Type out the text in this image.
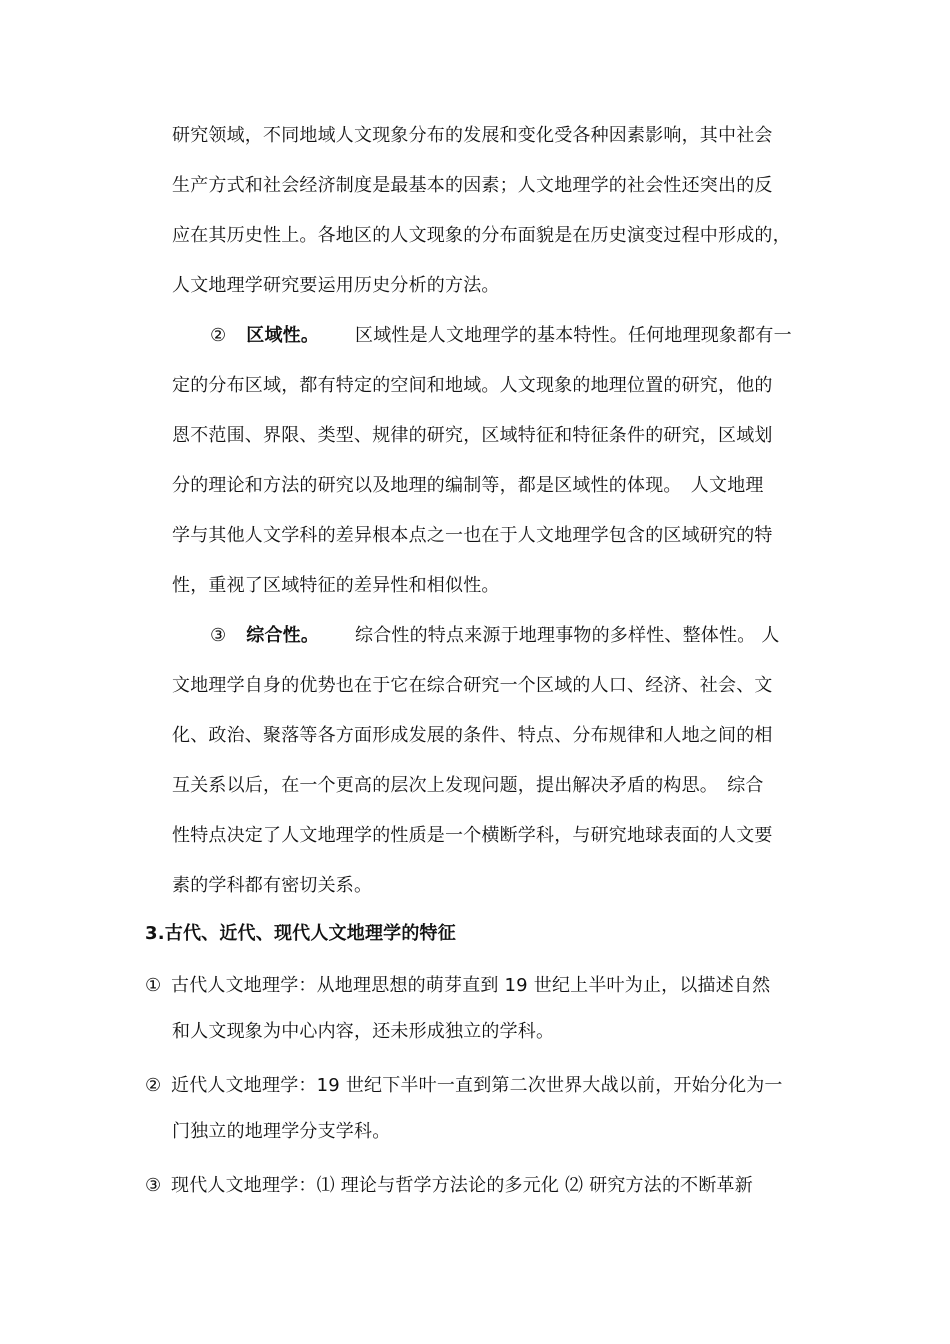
研究领域，不同地域人文现象分布的发展和变化受各种因素影响，其中社会
生产方式和社会经济制度是最基本的因素；人文地理学的社会性还突出的反
应在其历史性上。各地区的人文现象的分布面貌是在历史演变过程中形成的，
人文地理学研究要运用历史分析的方法。
② 区域性。 区域性是人文地理学的基本特性。任何地理现象都有一
定的分布区域，都有特定的空间和地域。人文现象的地理位置的研究，他的
恩不范围、界限、类型、规律的研究，区域特征和特征条件的研究，区域划
分的理论和方法的研究以及地理的编制等，都是区域性的体现。　人文地理
学与其他人文学科的差异根本点之一也在于人文地理学包含的区域研究的特
性，重视了区域特征的差异性和相似性。
③ 综合性。 综合性的特点来源于地理事物的多样性、整体性。 人
文地理学自身的优势也在于它在综合研究一个区域的人口、经济、社会、文
化、政治、聚落等各方面形成发展的条件、特点、分布规律和人地之间的相
互关系以后，在一个更高的层次上发现问题，提出解决矛盾的构思。　综合
性特点决定了人文地理学的性质是一个横断学科，与研究地球表面的人文要
素的学科都有密切关系。
3.古代、近代、现代人文地理学的特征
① 古代人文地理学：从地理思想的萌芽直到 19 世纪上半叶为止，以描述自然
和人文现象为中心内容，还未形成独立的学科。
② 近代人文地理学：19 世纪下半叶一直到第二次世界大战以前，开始分化为一
门独立的地理学分支学科。
③ 现代人文地理学：⑴ 理论与哲学方法论的多元化 ⑵ 研究方法的不断革新
